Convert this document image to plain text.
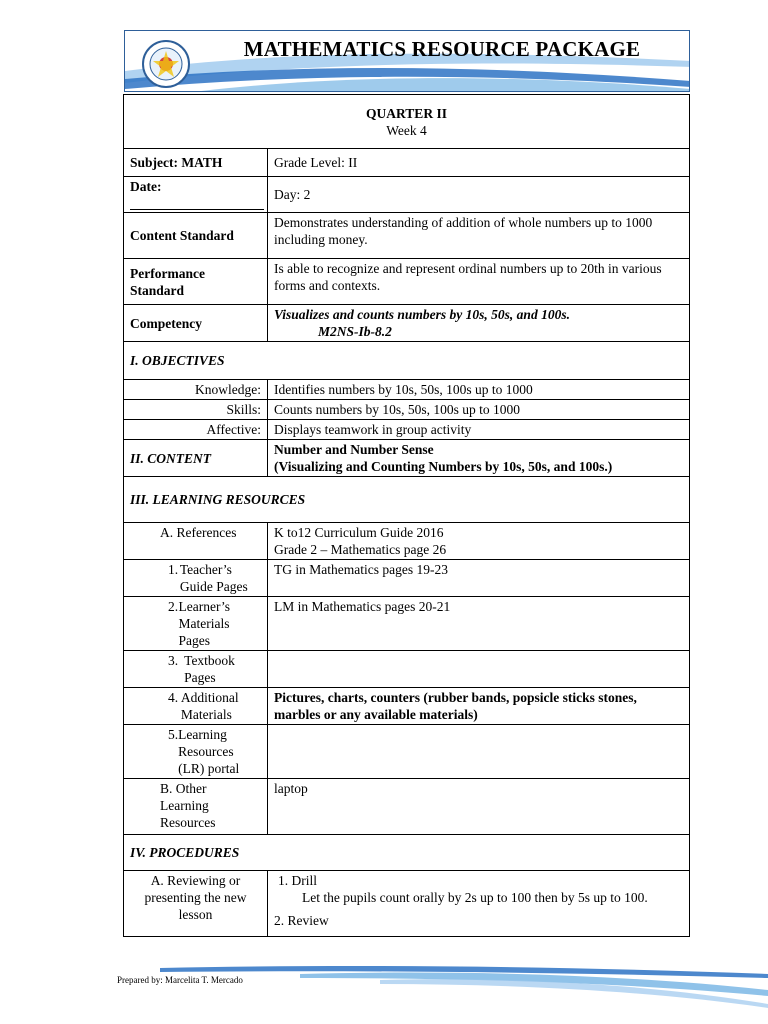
MATHEMATICS RESOURCE PACKAGE
QUARTER II
Week 4	

Subject: MATH	Grade Level: II

Date:	Day: 2
Content Standard	Demonstrates understanding of addition of whole numbers up to 1000 including money.
Performance Standard	Is able to recognize and represent ordinal numbers up to 20th in various forms and contexts.
Competency	Visualizes and counts numbers by 10s, 50s, and 100s.
M2NS-Ib-8.2

I. OBJECTIVES	
Knowledge:	Identifies numbers by 10s, 50s, 100s up to 1000
Skills:	Counts numbers by 10s, 50s, 100s up to 1000
Affective:	Displays teamwork in group activity
II. CONTENT	Number and Number Sense
(Visualizing and Counting Numbers by 10s, 50s, and 100s.)

III. LEARNING RESOURCES	
A. References	K to12 Curriculum Guide 2016
Grade 2 – Mathematics page 26

1. Teacher’s Guide Pages	TG in Mathematics pages 19-23

2. Learner’s Materials Pages	LM in Mathematics pages 20-21

3. Textbook Pages	

4. Additional Materials	Pictures, charts, counters (rubber bands, popsicle sticks stones, marbles or any available materials)

5. Learning Resources (LR) portal	

B. Other Learning Resources	laptop
IV. PROCEDURES	
A. Reviewing or presenting the new lesson	1. Drill
Let the pupils count orally by 2s up to 100 then by 5s up to 100.
2. Review
Prepared by: Marcelita T. Mercado
